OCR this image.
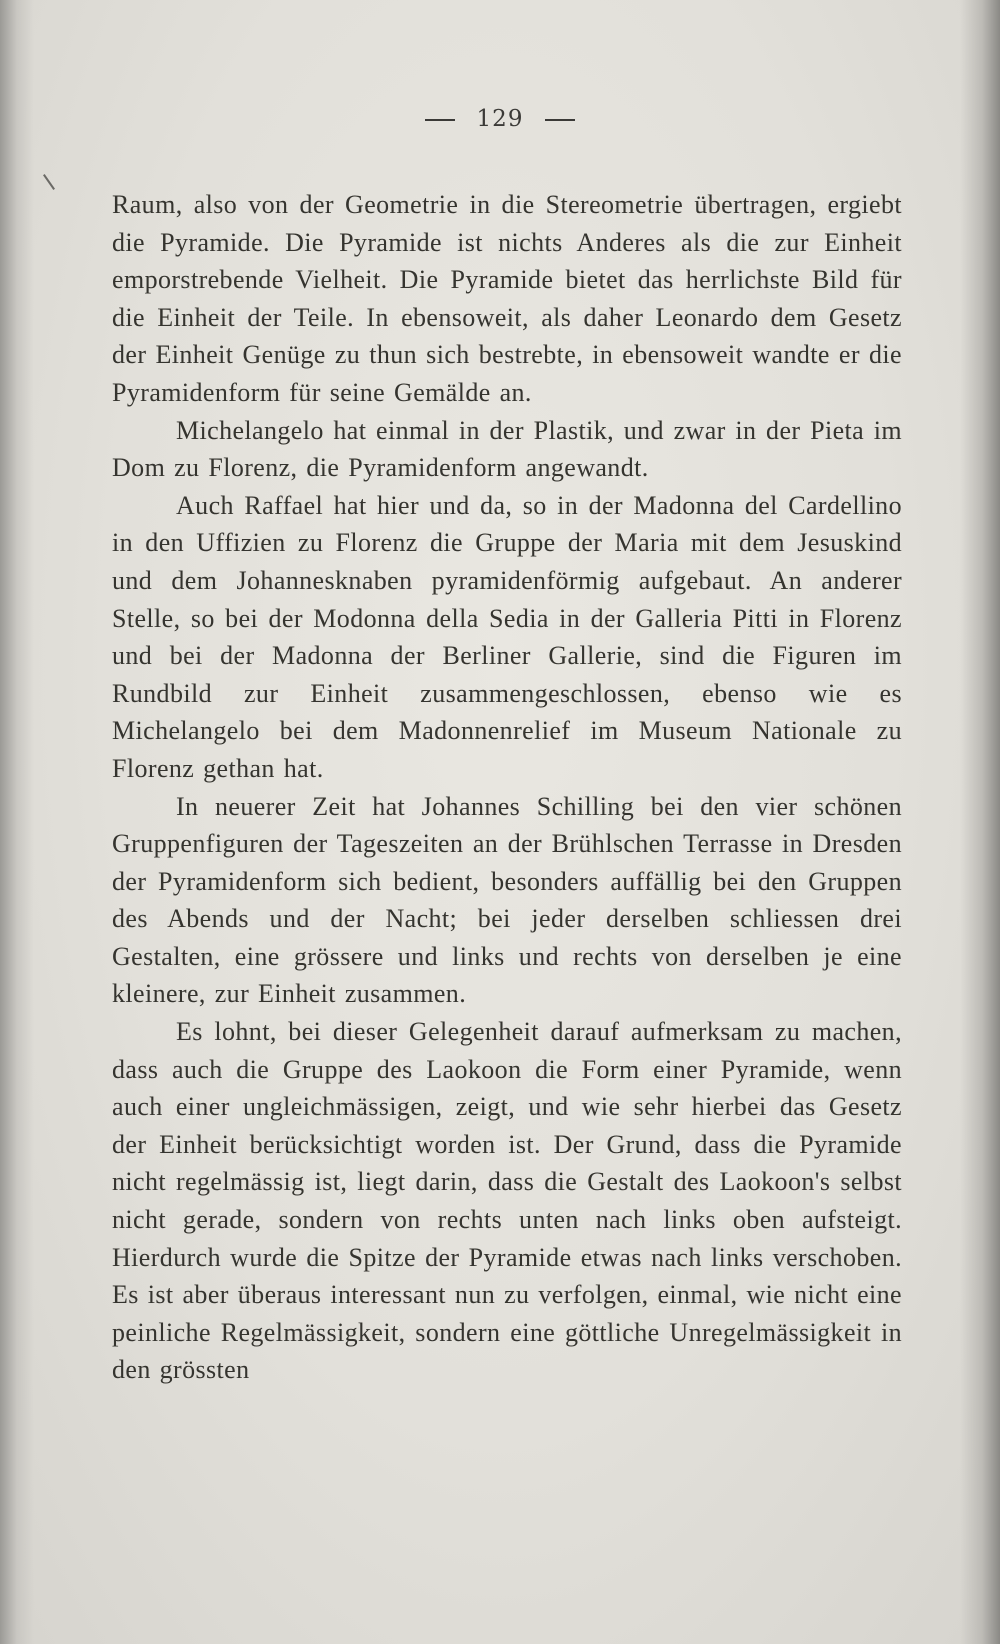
129

Raum, also von der Geometrie in die Stereometrie übertragen, ergiebt die Pyramide. Die Pyramide ist nichts Anderes als die zur Einheit emporstrebende Vielheit. Die Pyramide bietet das herrlichste Bild für die Einheit der Teile. In ebensoweit, als daher Leonardo dem Gesetz der Einheit Genüge zu thun sich bestrebte, in ebensoweit wandte er die Pyramidenform für seine Gemälde an.

Michelangelo hat einmal in der Plastik, und zwar in der Pieta im Dom zu Florenz, die Pyramidenform angewandt.

Auch Raffael hat hier und da, so in der Madonna del Cardellino in den Uffizien zu Florenz die Gruppe der Maria mit dem Jesuskind und dem Johannesknaben pyramidenförmig aufgebaut. An anderer Stelle, so bei der Modonna della Sedia in der Galleria Pitti in Florenz und bei der Madonna der Berliner Gallerie, sind die Figuren im Rundbild zur Einheit zusammengeschlossen, ebenso wie es Michelangelo bei dem Madonnenrelief im Museum Nationale zu Florenz gethan hat.

In neuerer Zeit hat Johannes Schilling bei den vier schönen Gruppenfiguren der Tageszeiten an der Brühlschen Terrasse in Dresden der Pyramidenform sich bedient, besonders auffällig bei den Gruppen des Abends und der Nacht; bei jeder derselben schliessen drei Gestalten, eine grössere und links und rechts von derselben je eine kleinere, zur Einheit zusammen.

Es lohnt, bei dieser Gelegenheit darauf aufmerksam zu machen, dass auch die Gruppe des Laokoon die Form einer Pyramide, wenn auch einer ungleichmässigen, zeigt, und wie sehr hierbei das Gesetz der Einheit berücksichtigt worden ist. Der Grund, dass die Pyramide nicht regelmässig ist, liegt darin, dass die Gestalt des Laokoon's selbst nicht gerade, sondern von rechts unten nach links oben aufsteigt. Hierdurch wurde die Spitze der Pyramide etwas nach links verschoben. Es ist aber überaus interessant nun zu verfolgen, einmal, wie nicht eine peinliche Regelmässigkeit, sondern eine göttliche Unregelmässigkeit in den grössten
